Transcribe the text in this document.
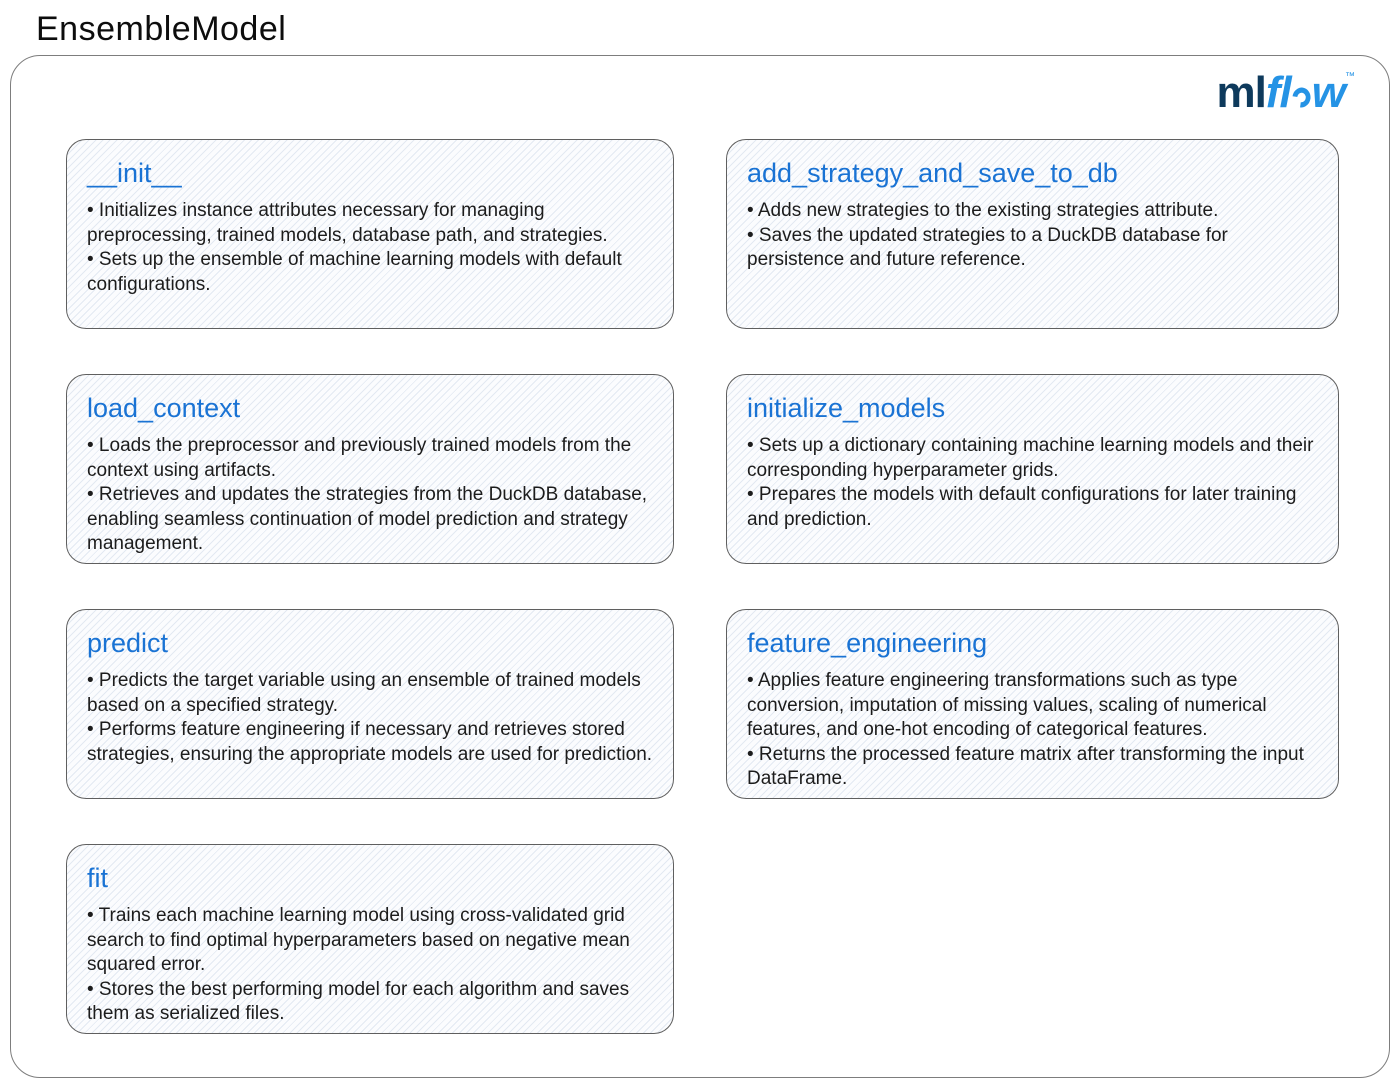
EnsembleModel
mlfl w™
__init__
• Initializes instance attributes necessary for managing preprocessing, trained models, database path, and strategies.
• Sets up the ensemble of machine learning models with default configurations.
load_context
• Loads the preprocessor and previously trained models from the context using artifacts.
• Retrieves and updates the strategies from the DuckDB database, enabling seamless continuation of model prediction and strategy management.
predict
• Predicts the target variable using an ensemble of trained models based on a specified strategy.
• Performs feature engineering if necessary and retrieves stored strategies, ensuring the appropriate models are used for prediction.
fit
• Trains each machine learning model using cross-validated grid search to find optimal hyperparameters based on negative mean squared error.
• Stores the best performing model for each algorithm and saves them as serialized files.
add_strategy_and_save_to_db
• Adds new strategies to the existing strategies attribute.
• Saves the updated strategies to a DuckDB database for persistence and future reference.
initialize_models
• Sets up a dictionary containing machine learning models and their corresponding hyperparameter grids.
• Prepares the models with default configurations for later training and prediction.
feature_engineering
• Applies feature engineering transformations such as type conversion, imputation of missing values, scaling of numerical features, and one-hot encoding of categorical features.
• Returns the processed feature matrix after transforming the input DataFrame.
